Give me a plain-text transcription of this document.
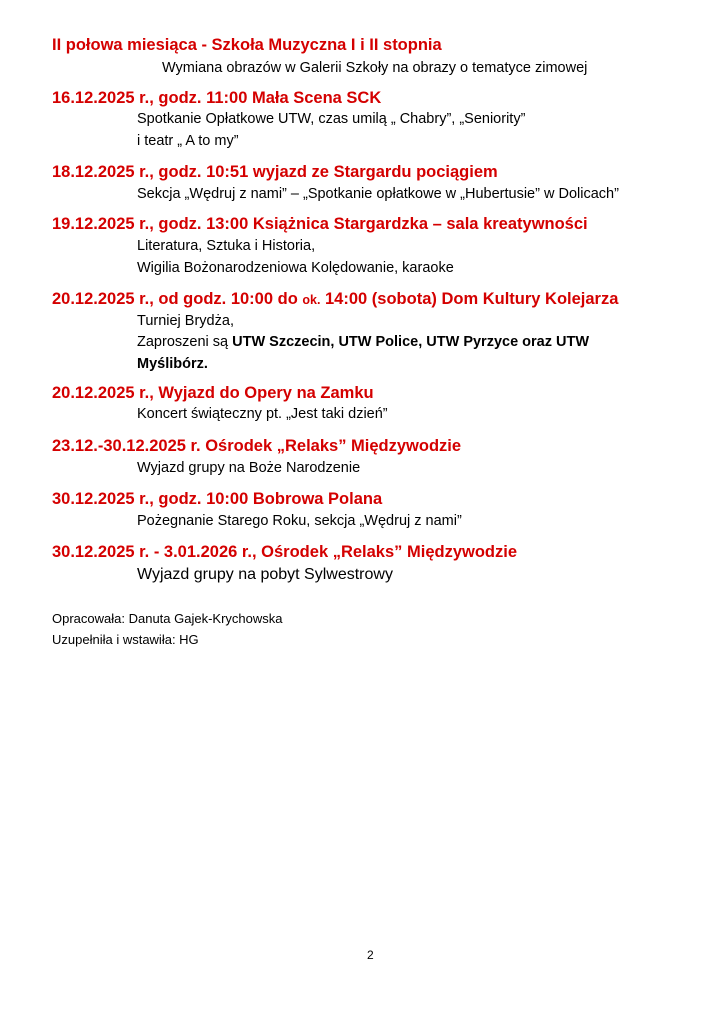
II połowa miesiąca - Szkoła Muzyczna I i II stopnia
Wymiana obrazów w Galerii Szkoły na obrazy o tematyce zimowej
16.12.2025 r., godz. 11:00 Mała Scena SCK
Spotkanie Opłatkowe UTW, czas umilą „ Chabry”, „Seniority”
i teatr „ A to my”
18.12.2025 r., godz. 10:51 wyjazd ze Stargardu pociągiem
Sekcja „Wędruj z nami” – „Spotkanie opłatkowe w „Hubertusie” w Dolicach”
19.12.2025 r., godz. 13:00 Książnica Stargardzka – sala kreatywności
Literatura, Sztuka i Historia,
Wigilia Bożonarodzeniowa Kolędowanie, karaoke
20.12.2025 r., od godz. 10:00 do ok. 14:00 (sobota) Dom Kultury Kolejarza
Turniej Brydża,
Zaproszeni są UTW Szczecin, UTW Police, UTW Pyrzyce oraz UTW
Myślibórz.
20.12.2025 r., Wyjazd do Opery na Zamku
Koncert świąteczny pt. „Jest taki dzień”
23.12.-30.12.2025 r. Ośrodek „Relaks” Międzywodzie
Wyjazd grupy na Boże Narodzenie
30.12.2025 r., godz. 10:00 Bobrowa Polana
Pożegnanie Starego Roku, sekcja „Wędruj z nami”
30.12.2025 r. - 3.01.2026 r., Ośrodek „Relaks” Międzywodzie
Wyjazd grupy na pobyt Sylwestrowy
Opracowała: Danuta Gajek-Krychowska
Uzupełniła i wstawiła: HG
2
